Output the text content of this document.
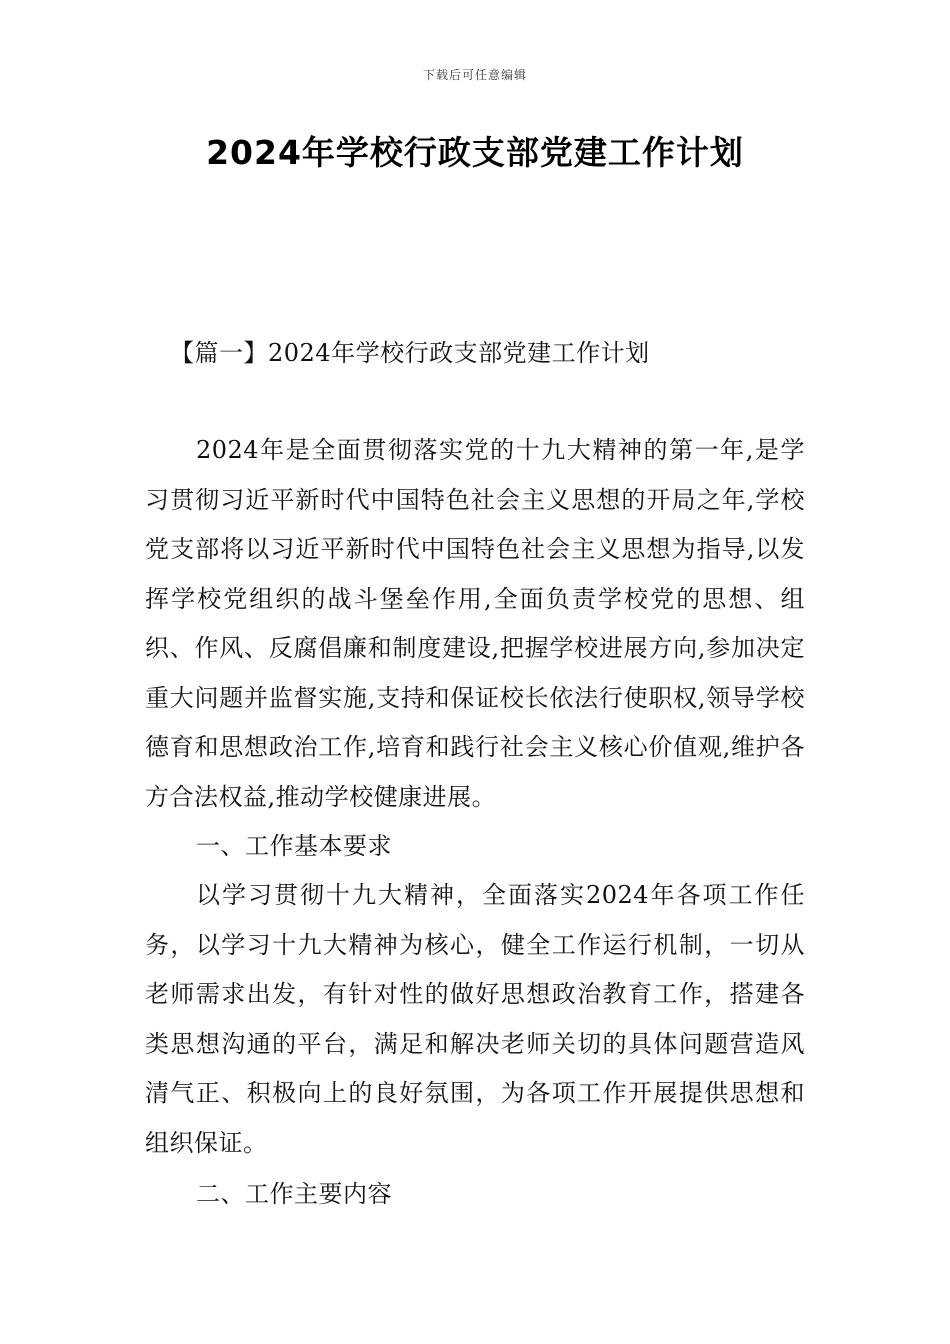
下载后可任意编辑
2024年学校行政支部党建工作计划
【篇一】2024年学校行政支部党建工作计划

2024年是全面贯彻落实党的十九大精神的第一年,是学习贯彻习近平新时代中国特色社会主义思想的开局之年,学校党支部将以习近平新时代中国特色社会主义思想为指导,以发挥学校党组织的战斗堡垒作用,全面负责学校党的思想、组织、作风、反腐倡廉和制度建设,把握学校进展方向,参加决定重大问题并监督实施,支持和保证校长依法行使职权,领导学校德育和思想政治工作,培育和践行社会主义核心价值观,维护各方合法权益,推动学校健康进展。

一、工作基本要求

以学习贯彻十九大精神，全面落实2024年各项工作任务，以学习十九大精神为核心，健全工作运行机制，一切从老师需求出发，有针对性的做好思想政治教育工作，搭建各类思想沟通的平台，满足和解决老师关切的具体问题营造风清气正、积极向上的良好氛围，为各项工作开展提供思想和组织保证。

二、工作主要内容
